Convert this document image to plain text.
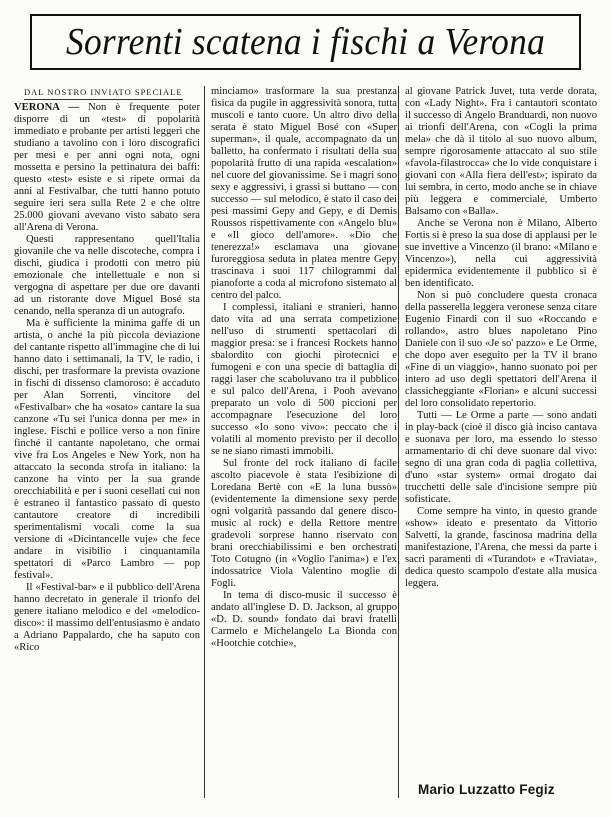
Sorrenti scatena i fischi a Verona
DAL NOSTRO INVIATO SPECIALE

VERONA — Non è frequente poter disporre di un «test» di popolarità immediato e probante per artisti leggeri che studiano a tavolino con i loro discografici per mesi e per anni ogni nota, ogni mossetta e persino la pettinatura dei baffi: questo «test» esiste e si ripete ormai da anni al Festivalbar, che tutti hanno potuto seguire ieri sera sulla Rete 2 e che oltre 25.000 giovani avevano visto sabato sera all'Arena di Verona.

Questi rappresentano quell'Italia giovanile che va nelle discoteche, compra i dischi, giudica i prodotti con metro più emozionale che intellettuale e non si vergogna di aspettare per due ore davanti ad un ristorante dove Miguel Bosé sta cenando, nella speranza di un autografo.

Ma è sufficiente la minima gaffe di un artista, o anche la più piccola deviazione del cantante rispetto all'immagine che di lui hanno dato i settimanali, la TV, le radio, i dischi, per trasformare la prevista ovazione in fischi di dissenso clamoroso: è accaduto per Alan Sorrenti, vincitore del «Festivalbar» che ha «osato» cantare la sua canzone «Tu sei l'unica donna per me» in inglese. Fischi e pollice verso a non finire finché il cantante napoletano, che ormai vive fra Los Angeles e New York, non ha attaccato la seconda strofa in italiano: la canzone ha vinto per la sua grande orecchiabilità e per i suoni cesellati cui non è estraneo il fantastico passato di questo cantautore creatore di incredibili sperimentalismi vocali come la sua versione di «Dicintancelle vuje» che fece andare in visibilio i cinquantamila spettatori di «Parco Lambro — pop festival».

Il «Festival-bar» e il pubblico dell'Arena hanno decretato in generale il trionfo del genere italiano melodico e del «melodico-disco»: il massimo dell'entusiasmo è andato a Adriano Pappalardo, che ha saputo con «Rico

minciamo» trasformare la sua prestanza fisica da pugile in aggressività sonora, tutta muscoli e tanto cuore. Un altro divo della serata è stato Miguel Bosé con «Super superman», il quale, accompagnato da un balletto, ha confermato i risultati della sua popolarità frutto di una rapida «escalation» nel cuore del giovanissime. Se i magri sono sexy e aggressivi, i grassi si buttano — con successo — sul melodico, è stato il caso dei pesi massimi Gepy and Gepy, e di Demis Roussos rispettivamente con «Angelo blu» e «Il gioco dell'amore». «Dio che tenerezza!» esclamava una giovane furoreggiosa seduta in platea mentre Gepy trascinava i suoi 117 chilogrammi dal pianoforte a coda al microfono sistemato al centro del palco.

I complessi, italiani e stranieri, hanno dato vita ad una serrata competizione nell'uso di strumenti spettacolari di maggior presa: se i francesi Rockets hanno sbalordito con giochi pirotecnici e fumogeni e con una specie di battaglia di raggi laser che scaboluvano tra il pubblico e sul palco dell'Arena, i Pooh avevano preparato un volo di 500 piccioni per accompagnare l'esecuzione del loro successo «Io sono vivo»: peccato che i volatili al momento previsto per il decollo se ne siano rimasti immobili.

Sul fronte del rock italiano di facile ascolto piacevole è stata l'esibizione di Loredana Bertè con «E la luna bussò» (evidentemente la dimensione sexy perde ogni volgarità passando dal genere disco-music al rock) e della Rettore mentre gradevoli sorprese hanno riservato con brani orecchiabilissimi e ben orchestrati Toto Cotugno (in «Voglio l'anima») e l'ex indossatrice Viola Valentino moglie di Fogli.

In tema di disco-music il successo è andato all'inglese D. D. Jackson, al gruppo «D. D. sound» fondato dai bravi fratelli Carmelo e Michelangelo La Bionda con «Hootchie cotchie»,

al giovane Patrick Juvet, tuta verde dorata, con «Lady Night». Fra i cantautori scontato il successo di Angelo Branduardi, non nuovo ai trionfi dell'Arena, con «Cogli la prima mela» che dà il titolo al suo nuovo album, sempre rigorosamente attaccato al suo stile «favola-filastrocca» che lo vide conquistare i giovani con «Alla fiera dell'est»; ispirato da lui sembra, in certo, modo anche se in chiave più leggera e commerciale, Umberto Balsamo con «Balla».

Anche se Verona non è Milano, Alberto Fortis si è preso la sua dose di applausi per le sue invettive a Vincenzo (il brano: «Milano e Vincenzo»), nella cui aggressività epidermica evidentemente il pubblico si è ben identificato.

Non si può concludere questa cronaca della passerella leggera veronese senza citare Eugenio Finardi con il suo «Roccando e rollando», astro blues napoletano Pino Daniele con il suo «Je so' pazzo» e Le Orme, che dopo aver eseguito per la TV il brano «Fine di un viaggio», hanno suonato poi per intero ad uso degli spettatori dell'Arena il classicheggiante «Florian» e alcuni successi del loro consolidato repertorio.

Tutti — Le Orme a parte — sono andati in play-back (cioè il disco già inciso cantava e suonava per loro, ma essendo lo stesso armamentario di chi deve suonare dal vivo: segno di una gran coda di paglia collettiva, d'uno «star system» ormai drogato dai trucchetti delle sale d'incisione sempre più sofisticate.

Come sempre ha vinto, in questo grande «show» ideato e presentato da Vittorio Salvetti, la grande, fascinosa madrina della manifestazione, l'Arena, che messi da parte i sacri paramenti di «Turandot» e «Traviata», dedica questo scampolo d'estate alla musica leggera.

Mario Luzzatto Fegiz
